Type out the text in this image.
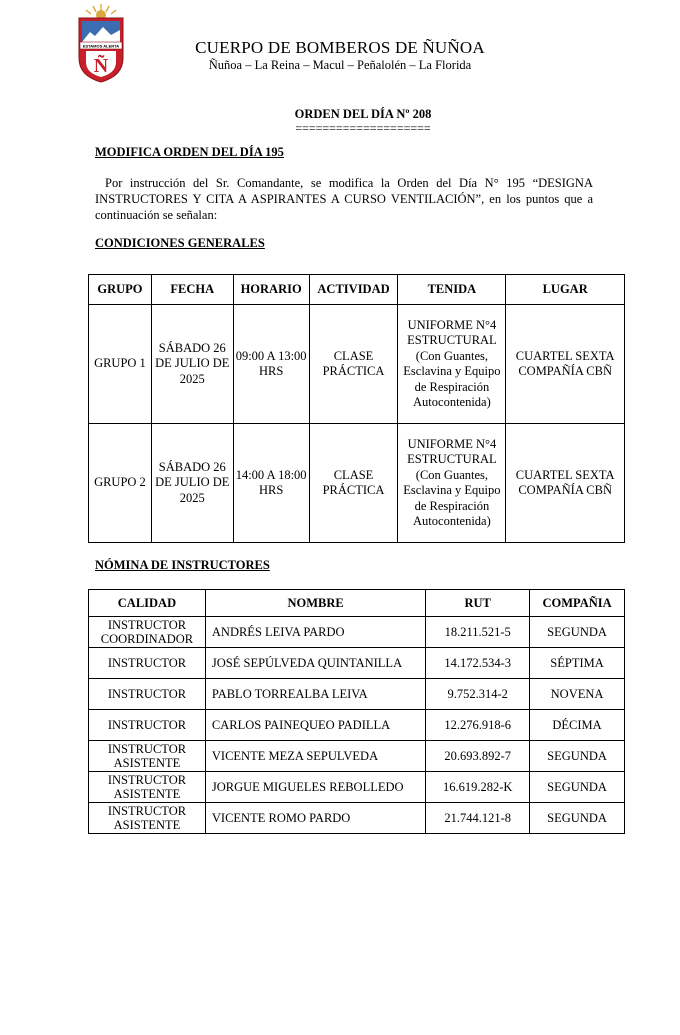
ESTAMOS ALERTA
Ñ
CUERPO DE BOMBEROS DE ÑUÑOA
Ñuñoa – La Reina – Macul – Peñalolén – La Florida
ORDEN DEL DÍA Nº 208
====================
MODIFICA ORDEN DEL DÍA 195
Por instrucción del Sr. Comandante, se modifica la Orden del Día N° 195 “DESIGNA INSTRUCTORES Y CITA A ASPIRANTES A CURSO VENTILACIÓN”, en los puntos que a continuación se señalan:
CONDICIONES GENERALES
GRUPO	FECHA	HORARIO	ACTIVIDAD	TENIDA	LUGAR
GRUPO 1	SÁBADO 26 DE JULIO DE 2025	09:00 A 13:00 HRS	CLASE PRÁCTICA	UNIFORME N°4 ESTRUCTURAL (Con Guantes, Esclavina y Equipo de Respiración Autocontenida)	CUARTEL SEXTA COMPAÑÍA CBÑ
GRUPO 2	SÁBADO 26 DE JULIO DE 2025	14:00 A 18:00 HRS	CLASE PRÁCTICA	UNIFORME N°4 ESTRUCTURAL (Con Guantes, Esclavina y Equipo de Respiración Autocontenida)	CUARTEL SEXTA COMPAÑÍA CBÑ
NÓMINA DE INSTRUCTORES
CALIDAD	NOMBRE	RUT	COMPAÑIA
INSTRUCTOR COORDINADOR	ANDRÉS LEIVA PARDO	18.211.521-5	SEGUNDA
INSTRUCTOR	JOSÉ SEPÚLVEDA QUINTANILLA	14.172.534-3	SÉPTIMA
INSTRUCTOR	PABLO TORREALBA LEIVA	9.752.314-2	NOVENA
INSTRUCTOR	CARLOS PAINEQUEO PADILLA	12.276.918-6	DÉCIMA
INSTRUCTOR ASISTENTE	VICENTE MEZA SEPULVEDA	20.693.892-7	SEGUNDA
INSTRUCTOR ASISTENTE	JORGUE MIGUELES REBOLLEDO	16.619.282-K	SEGUNDA
INSTRUCTOR ASISTENTE	VICENTE ROMO PARDO	21.744.121-8	SEGUNDA
